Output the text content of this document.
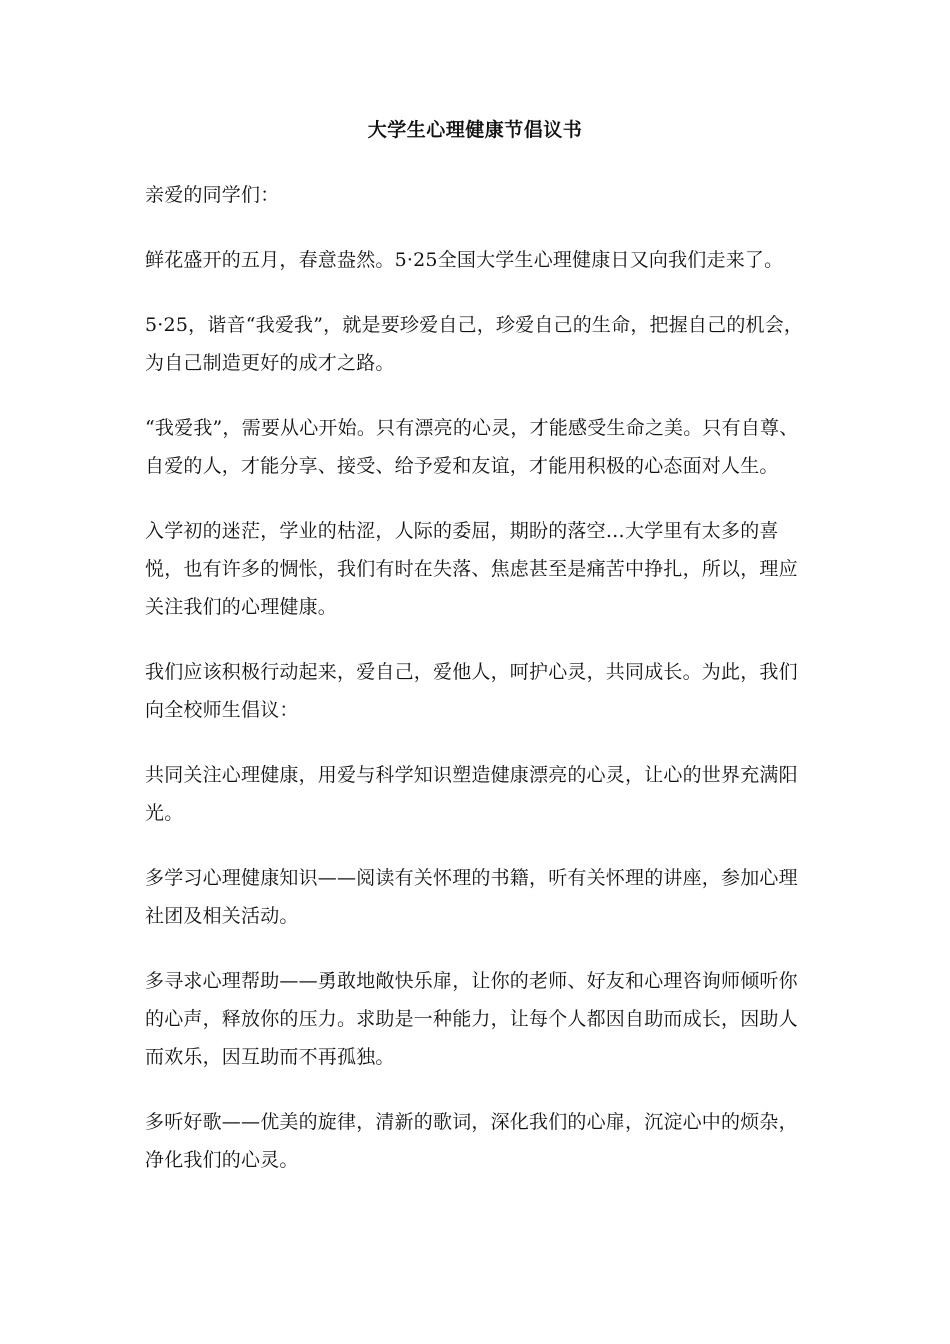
大学生心理健康节倡议书

亲爱的同学们：

鲜花盛开的五月，春意盎然。5·25全国大学生心理健康日又向我们走来了。

5·25，谐音“我爱我”，就是要珍爱自己，珍爱自己的生命，把握自己的机会，为自己制造更好的成才之路。

“我爱我”，需要从心开始。只有漂亮的心灵，才能感受生命之美。只有自尊、自爱的人，才能分享、接受、给予爱和友谊，才能用积极的心态面对人生。

入学初的迷茫，学业的枯涩，人际的委屈，期盼的落空…大学里有太多的喜悦，也有许多的惆怅，我们有时在失落、焦虑甚至是痛苦中挣扎，所以，理应关注我们的心理健康。

我们应该积极行动起来，爱自己，爱他人，呵护心灵，共同成长。为此，我们向全校师生倡议：

共同关注心理健康，用爱与科学知识塑造健康漂亮的心灵，让心的世界充满阳光。

多学习心理健康知识——阅读有关怀理的书籍，听有关怀理的讲座，参加心理社团及相关活动。

多寻求心理帮助——勇敢地敞快乐扉，让你的老师、好友和心理咨询师倾听你的心声，释放你的压力。求助是一种能力，让每个人都因自助而成长，因助人而欢乐，因互助而不再孤独。

多听好歌——优美的旋律，清新的歌词，深化我们的心扉，沉淀心中的烦杂，净化我们的心灵。
